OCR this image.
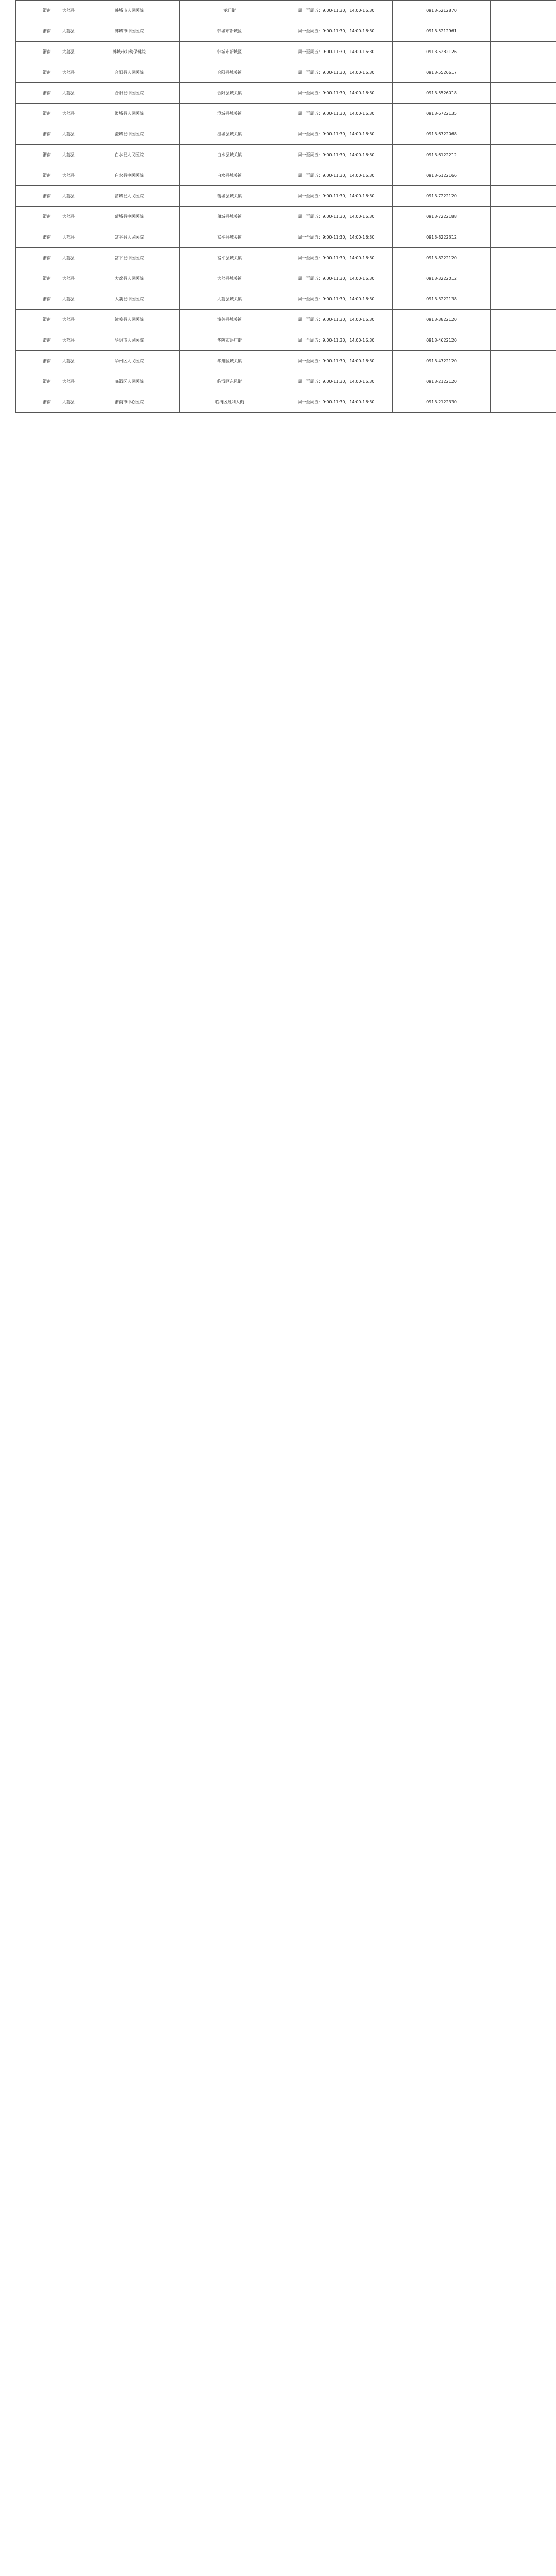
	渭南	大荔县	韩城市人民医院	龙门街	周一至周五：9:00-11:30，14:00-16:30	0913-5212870	
	渭南	大荔县	韩城市中医医院	韩城市新城区	周一至周五：9:00-11:30，14:00-16:30	0913-5212961	
	渭南	大荔县	韩城市妇幼保健院	韩城市新城区	周一至周五：9:00-11:30，14:00-16:30	0913-5282126	
	渭南	大荔县	合阳县人民医院	合阳县城关镇	周一至周五：9:00-11:30，14:00-16:30	0913-5526617	
	渭南	大荔县	合阳县中医医院	合阳县城关镇	周一至周五：9:00-11:30，14:00-16:30	0913-5526018	
	渭南	大荔县	澄城县人民医院	澄城县城关镇	周一至周五：9:00-11:30，14:00-16:30	0913-6722135	
	渭南	大荔县	澄城县中医医院	澄城县城关镇	周一至周五：9:00-11:30，14:00-16:30	0913-6722068	
	渭南	大荔县	白水县人民医院	白水县城关镇	周一至周五：9:00-11:30，14:00-16:30	0913-6122212	
	渭南	大荔县	白水县中医医院	白水县城关镇	周一至周五：9:00-11:30，14:00-16:30	0913-6122166	
	渭南	大荔县	蒲城县人民医院	蒲城县城关镇	周一至周五：9:00-11:30，14:00-16:30	0913-7222120	
	渭南	大荔县	蒲城县中医医院	蒲城县城关镇	周一至周五：9:00-11:30，14:00-16:30	0913-7222188	
	渭南	大荔县	富平县人民医院	富平县城关镇	周一至周五：9:00-11:30，14:00-16:30	0913-8222312	
	渭南	大荔县	富平县中医医院	富平县城关镇	周一至周五：9:00-11:30，14:00-16:30	0913-8222120	
	渭南	大荔县	大荔县人民医院	大荔县城关镇	周一至周五：9:00-11:30，14:00-16:30	0913-3222012	
	渭南	大荔县	大荔县中医医院	大荔县城关镇	周一至周五：9:00-11:30，14:00-16:30	0913-3222138	
	渭南	大荔县	潼关县人民医院	潼关县城关镇	周一至周五：9:00-11:30，14:00-16:30	0913-3822120	
	渭南	大荔县	华阴市人民医院	华阴市岳庙街	周一至周五：9:00-11:30，14:00-16:30	0913-4622120	
	渭南	大荔县	华州区人民医院	华州区城关镇	周一至周五：9:00-11:30，14:00-16:30	0913-4722120	
	渭南	大荔县	临渭区人民医院	临渭区东风街	周一至周五：9:00-11:30，14:00-16:30	0913-2122120	
	渭南	大荔县	渭南市中心医院	临渭区胜利大街	周一至周五：9:00-11:30，14:00-16:30	0913-2122330	
